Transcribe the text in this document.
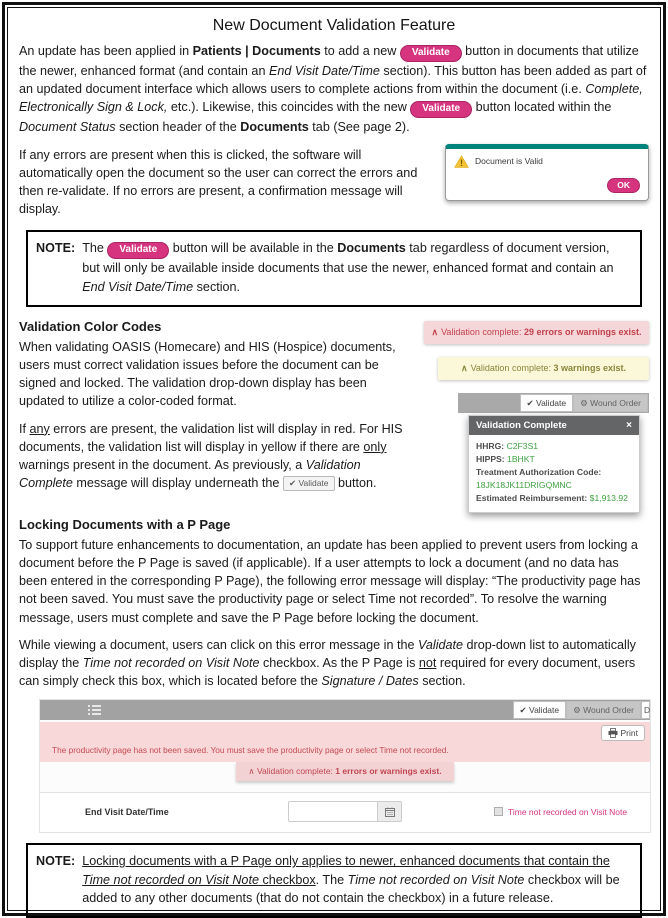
New Document Validation Feature

An update has been applied in Patients | Documents to add a new Validate button in documents that utilize the newer, enhanced format (and contain an End Visit Date/Time section). This button has been added as part of an updated document interface which allows users to complete actions from within the document (i.e. Complete, Electronically Sign & Lock, etc.). Likewise, this coincides with the new Validate button located within the Document Status section header of the Documents tab (See page 2).

! Document is Valid
OK

If any errors are present when this is clicked, the software will automatically open the document so the user can correct the errors and then re-validate. If no errors are present, a confirmation message will display.

NOTE: The Validate button will be available in the Documents tab regardless of document version, but will only be available inside documents that use the newer, enhanced format and contain an End Visit Date/Time section.
∧ Validation complete: 29 errors or warnings exist.
∧ Validation complete: 3 warnings exist.
✔ Validate	⚙ Wound Order
Validation Complete	×
HHRG: C2F3S1
HIPPS: 1BHKT
Treatment Authorization Code:
18JK18JK11DRIGQMNC
Estimated Reimbursement: $1,913.92
Validation Color Codes

When validating OASIS (Homecare) and HIS (Hospice) documents, users must correct validation issues before the document can be signed and locked. The validation drop-down display has been updated to utilize a color-coded format.

If any errors are present, the validation list will display in red. For HIS documents, the validation list will display in yellow if there are only warnings present in the document. As previously, a Validation Complete message will display underneath the ✔ Validate button.

Locking Documents with a P Page

To support future enhancements to documentation, an update has been applied to prevent users from locking a document before the P Page is saved (if applicable). If a user attempts to lock a document (and no data has been entered in the corresponding P Page), the following error message will display: “The productivity page has not been saved. You must save the productivity page or select Time not recorded”. To resolve the warning message, users must complete and save the P Page before locking the document.

While viewing a document, users can click on this error message in the Validate drop-down list to automatically display the Time not recorded on Visit Note checkbox. As the P Page is not required for every document, users can simply check this box, which is located before the Signature / Dates section.

✔ Validate	⚙ Wound Order	D
The productivity page has not been saved. You must save the productivity page or select Time not recorded.
Print
∧ Validation complete: 1 errors or warnings exist.
End Visit Date/Time	Time not recorded on Visit Note
NOTE: Locking documents with a P Page only applies to newer, enhanced documents that contain the Time not recorded on Visit Note checkbox. The Time not recorded on Visit Note checkbox will be added to any other documents (that do not contain the checkbox) in a future release.
